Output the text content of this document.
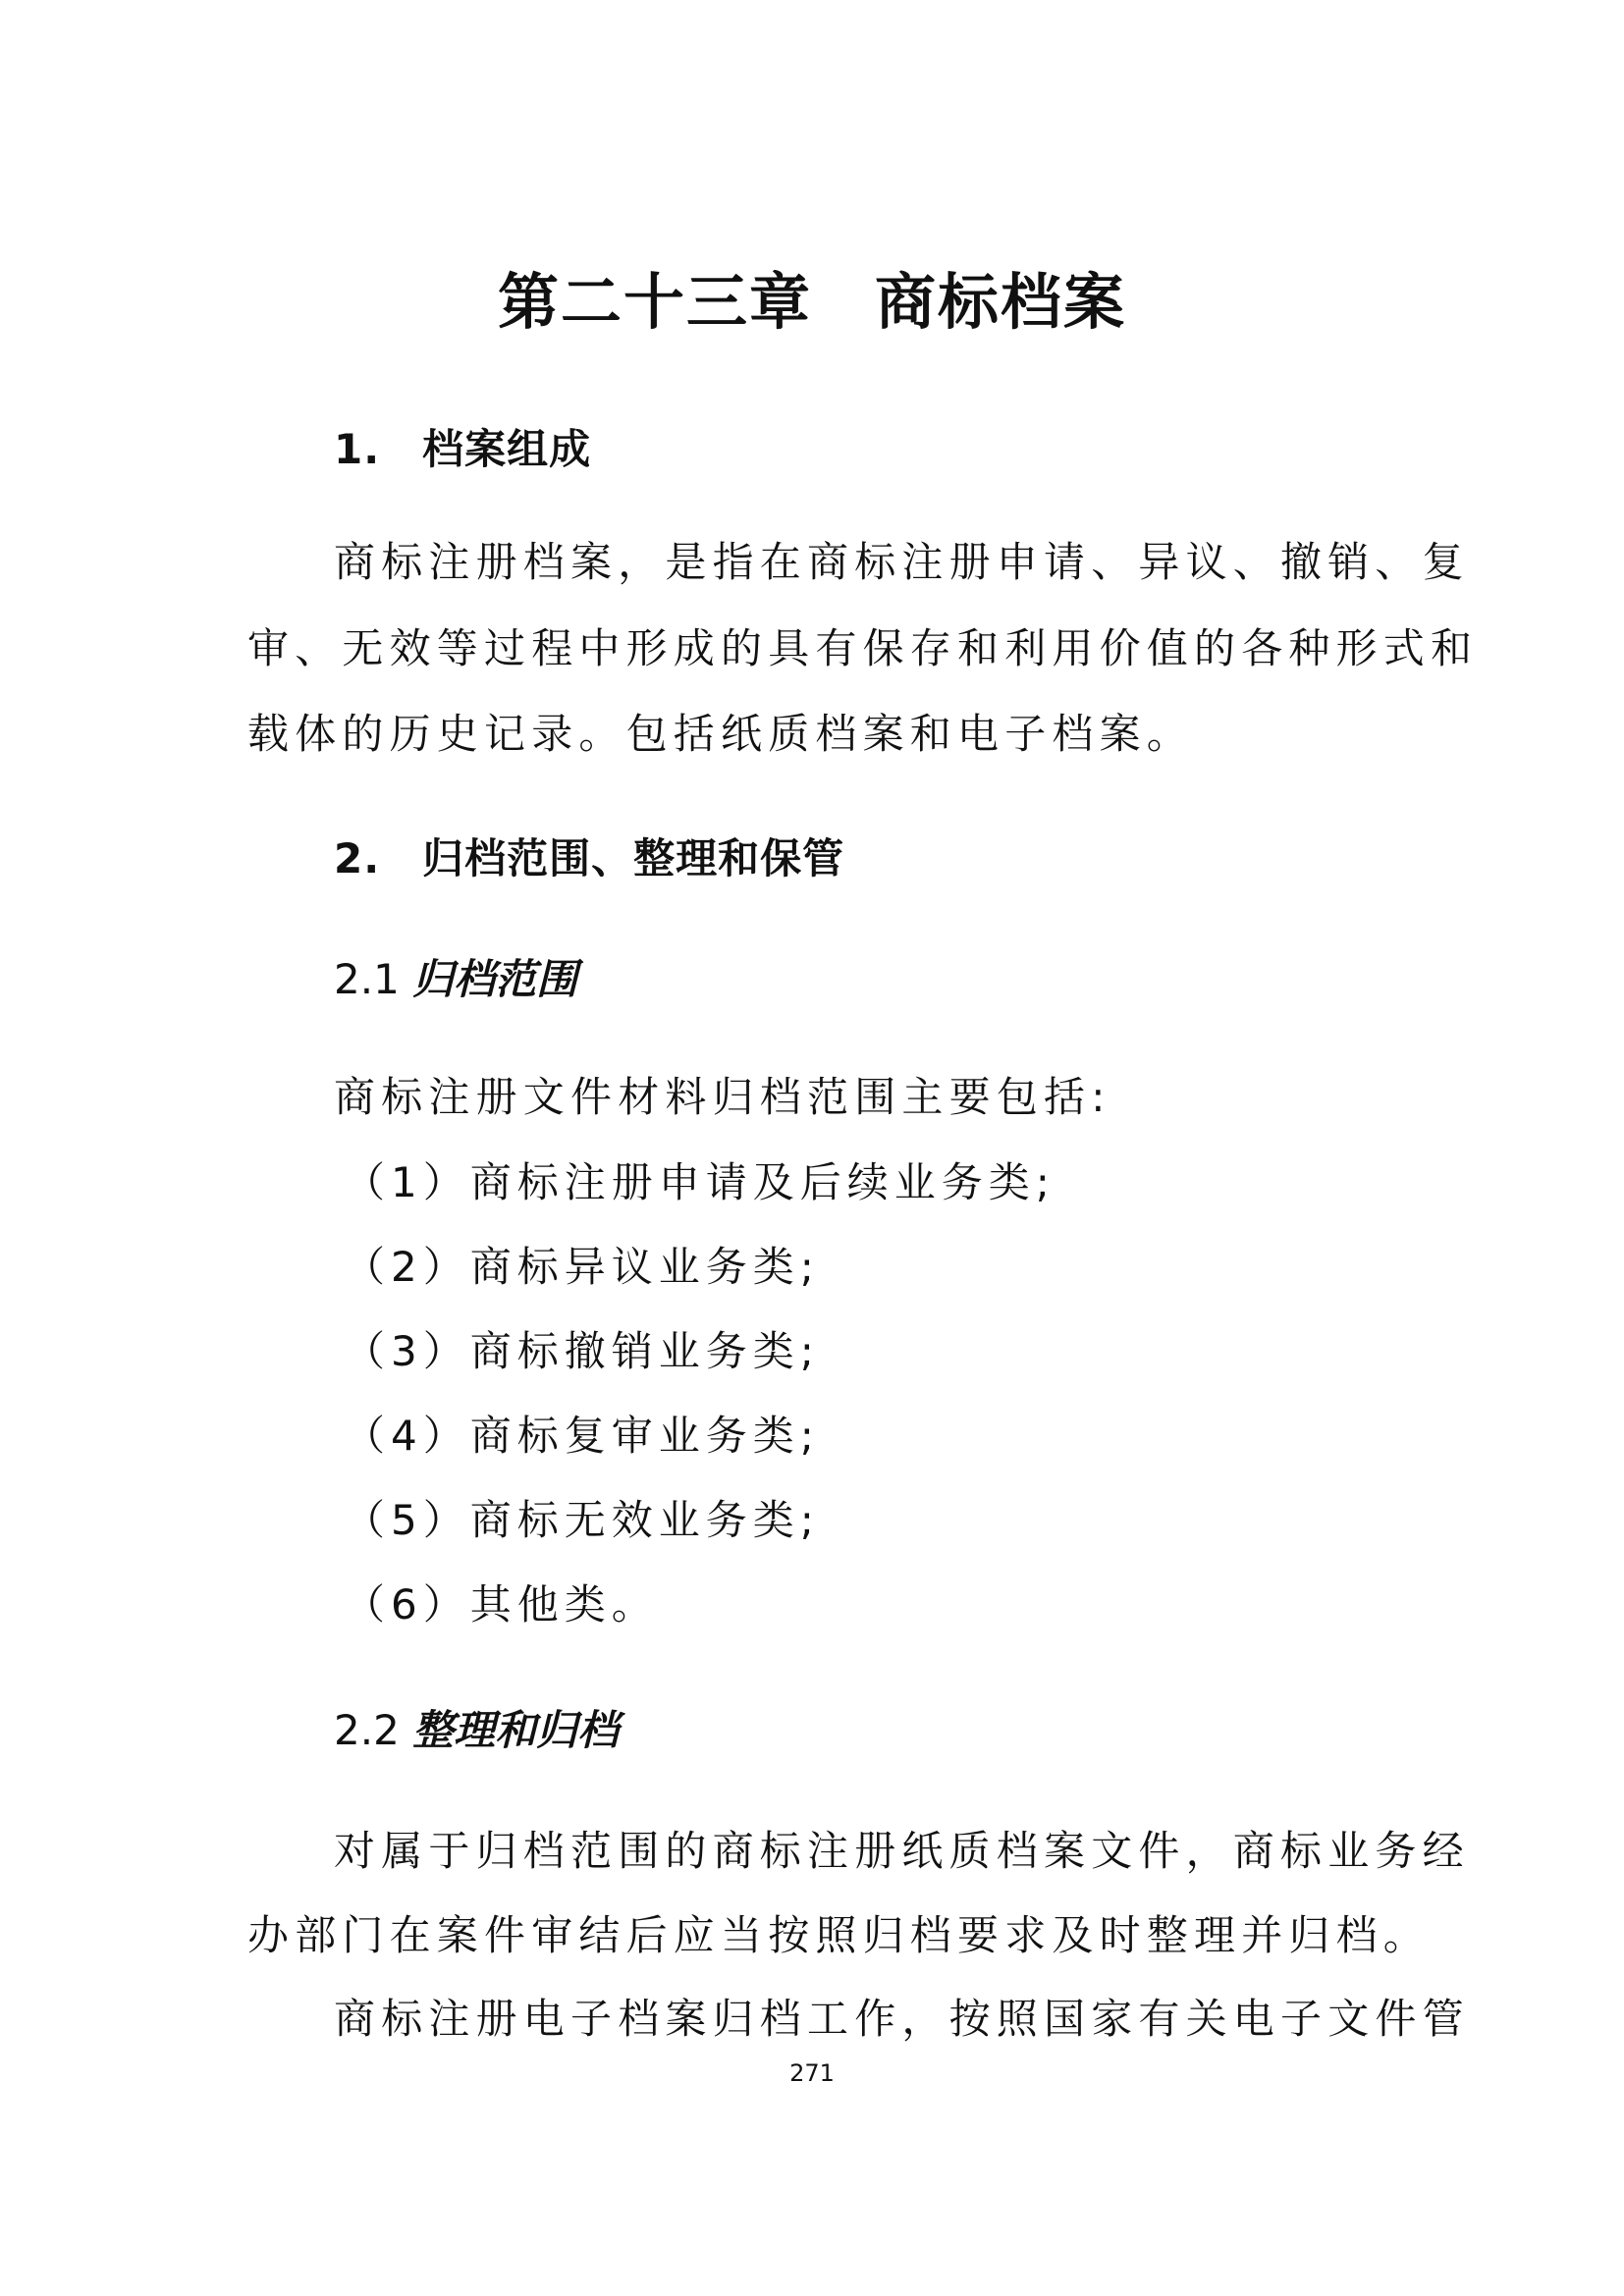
第二十三章　商标档案
1.　档案组成
商标注册档案，是指在商标注册申请、异议、撤销、复
审、无效等过程中形成的具有保存和利用价值的各种形式和
载体的历史记录。包括纸质档案和电子档案。
2.　归档范围、整理和保管
2.1 归档范围
商标注册文件材料归档范围主要包括:
（1）商标注册申请及后续业务类;
（2）商标异议业务类;
（3）商标撤销业务类;
（4）商标复审业务类;
（5）商标无效业务类;
（6）其他类。
2.2 整理和归档
对属于归档范围的商标注册纸质档案文件，商标业务经
办部门在案件审结后应当按照归档要求及时整理并归档。
商标注册电子档案归档工作，按照国家有关电子文件管
271
